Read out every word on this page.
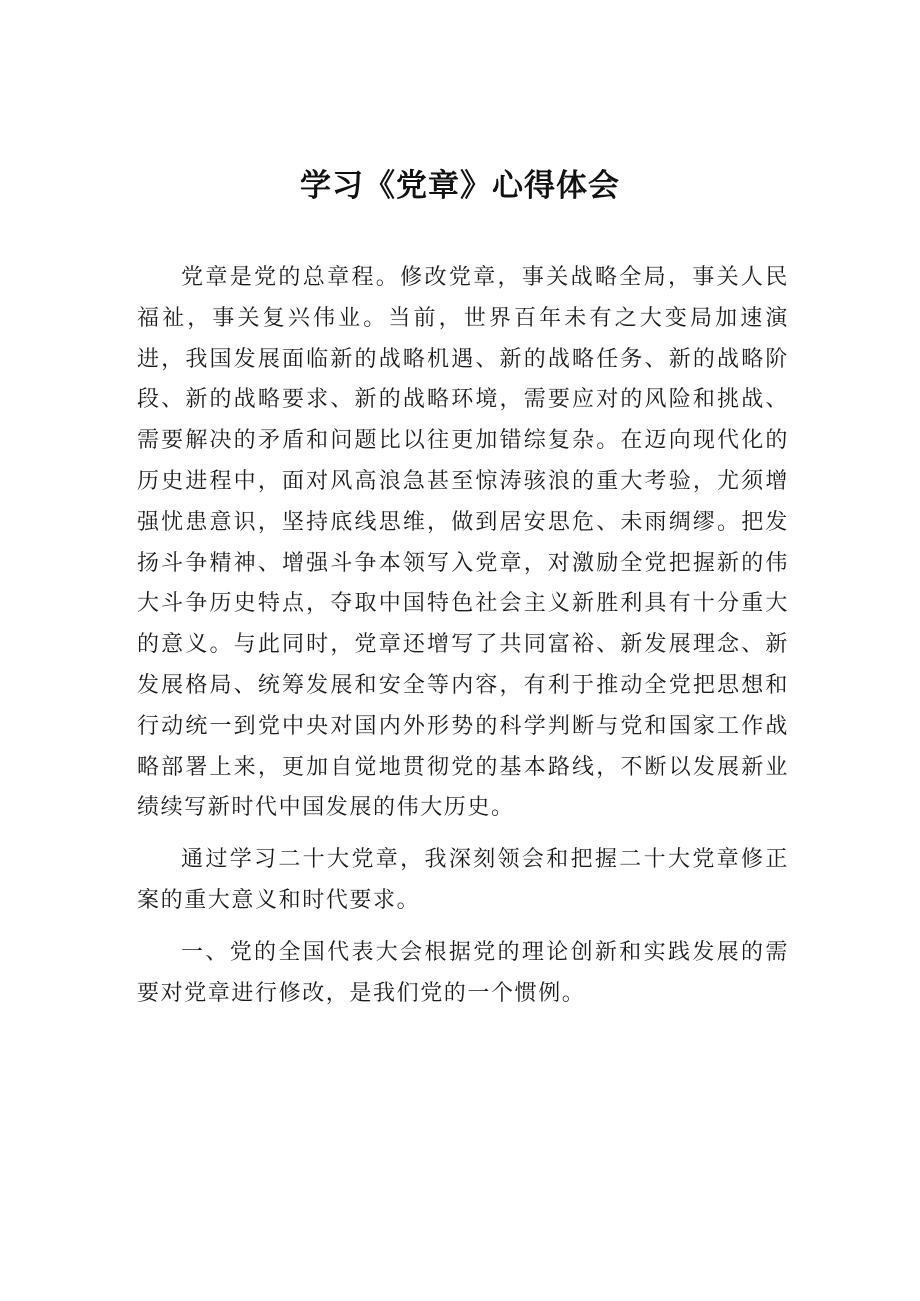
学习《党章》心得体会

党章是党的总章程。修改党章，事关战略全局，事关人民福祉，事关复兴伟业。当前，世界百年未有之大变局加速演进，我国发展面临新的战略机遇、新的战略任务、新的战略阶段、新的战略要求、新的战略环境，需要应对的风险和挑战、需要解决的矛盾和问题比以往更加错综复杂。在迈向现代化的历史进程中，面对风高浪急甚至惊涛骇浪的重大考验，尤须增强忧患意识，坚持底线思维，做到居安思危、未雨绸缪。把发扬斗争精神、增强斗争本领写入党章，对激励全党把握新的伟大斗争历史特点，夺取中国特色社会主义新胜利具有十分重大的意义。与此同时，党章还增写了共同富裕、新发展理念、新发展格局、统筹发展和安全等内容，有利于推动全党把思想和行动统一到党中央对国内外形势的科学判断与党和国家工作战略部署上来，更加自觉地贯彻党的基本路线，不断以发展新业绩续写新时代中国发展的伟大历史。

通过学习二十大党章，我深刻领会和把握二十大党章修正案的重大意义和时代要求。

一、党的全国代表大会根据党的理论创新和实践发展的需要对党章进行修改，是我们党的一个惯例。
